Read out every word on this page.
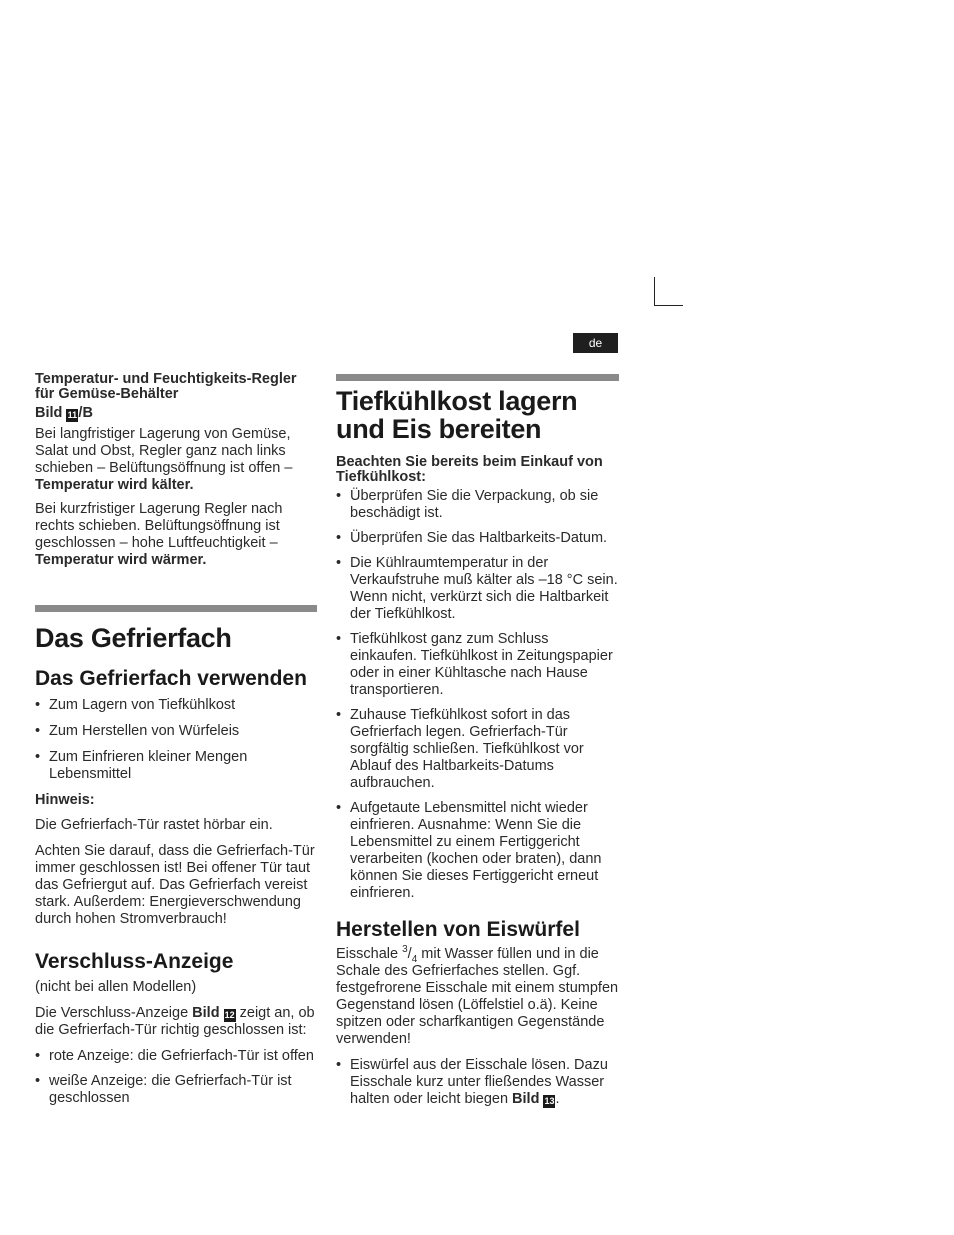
de

Temperatur- und Feuchtigkeits-Regler für Gemüse-Behälter

Bild 11/B

Bei langfristiger Lagerung von Gemüse, Salat und Obst, Regler ganz nach links schieben – Belüftungsöffnung ist offen – Temperatur wird kälter.

Bei kurzfristiger Lagerung Regler nach rechts schieben. Belüftungsöffnung ist geschlossen – hohe Luftfeuchtigkeit – Temperatur wird wärmer.

Das Gefrierfach
Das Gefrierfach verwenden
• Zum Lagern von Tiefkühlkost
• Zum Herstellen von Würfeleis
• Zum Einfrieren kleiner Mengen Lebensmittel

Hinweis:

Die Gefrierfach-Tür rastet hörbar ein.

Achten Sie darauf, dass die Gefrierfach-Tür immer geschlossen ist! Bei offener Tür taut das Gefriergut auf. Das Gefrierfach vereist stark. Außerdem: Energieverschwendung durch hohen Stromverbrauch!

Verschluss-Anzeige

(nicht bei allen Modellen)

Die Verschluss-Anzeige Bild 12 zeigt an, ob die Gefrierfach-Tür richtig geschlossen ist:

• rote Anzeige: die Gefrierfach-Tür ist offen
• weiße Anzeige: die Gefrierfach-Tür ist geschlossen
Tiefkühlkost lagern und Eis bereiten

Beachten Sie bereits beim Einkauf von Tiefkühlkost:

• Überprüfen Sie die Verpackung, ob sie beschädigt ist.
• Überprüfen Sie das Haltbarkeits-Datum.
• Die Kühlraumtemperatur in der Verkaufstruhe muß kälter als –18 °C sein. Wenn nicht, verkürzt sich die Haltbarkeit der Tiefkühlkost.
• Tiefkühlkost ganz zum Schluss einkaufen. Tiefkühlkost in Zeitungspapier oder in einer Kühltasche nach Hause transportieren.
• Zuhause Tiefkühlkost sofort in das Gefrierfach legen. Gefrierfach-Tür sorgfältig schließen. Tiefkühlkost vor Ablauf des Haltbarkeits-Datums aufbrauchen.
• Aufgetaute Lebensmittel nicht wieder einfrieren. Ausnahme: Wenn Sie die Lebensmittel zu einem Fertiggericht verarbeiten (kochen oder braten), dann können Sie dieses Fertiggericht erneut einfrieren.
Herstellen von Eiswürfel

Eisschale $^3/_4$ mit Wasser füllen und in die Schale des Gefrierfaches stellen. Ggf. festgefrorene Eisschale mit einem stumpfen Gegenstand lösen (Löffelstiel o.ä). Keine spitzen oder scharfkantigen Gegenstände verwenden!

• Eiswürfel aus der Eisschale lösen. Dazu Eisschale kurz unter fließendes Wasser halten oder leicht biegen Bild 13.
